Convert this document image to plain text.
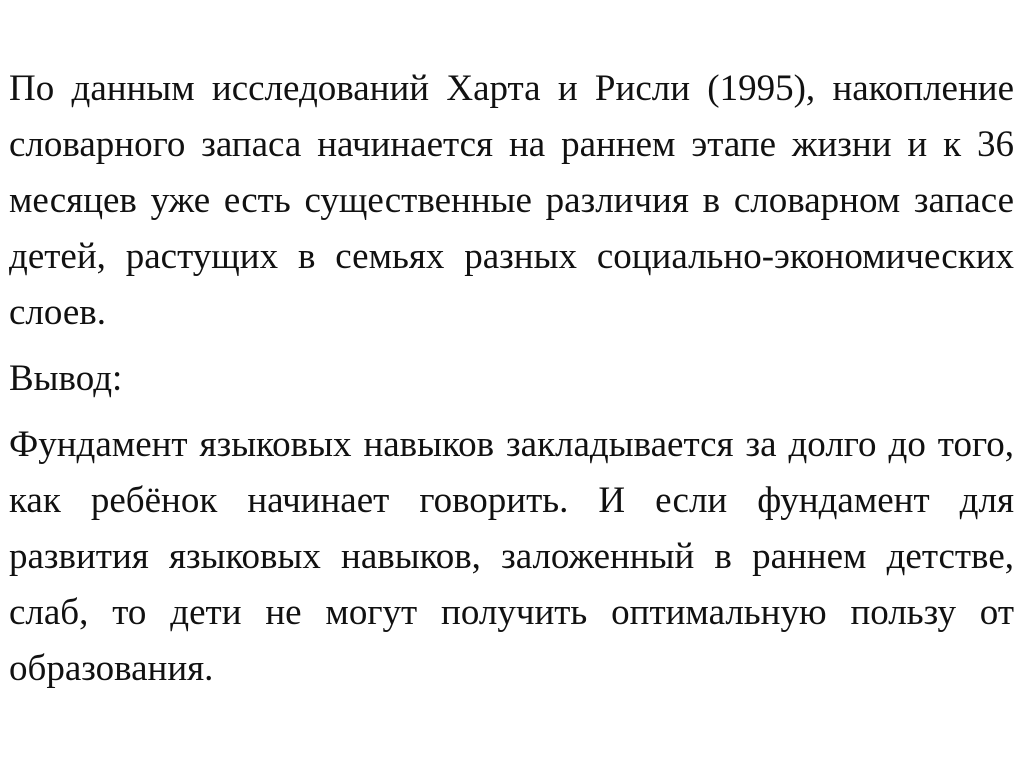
По данным исследований Харта и Рисли (1995), накопление словарного запаса начинается на раннем этапе жизни и к 36 месяцев уже есть существенные различия в словарном запасе детей, растущих в семьях разных социально-экономических слоев.

Вывод:

Фундамент языковых навыков закладывается за долго до того, как ребёнок начинает говорить. И если фундамент для развития языковых навыков, заложенный в раннем детстве, слаб, то дети не могут получить оптимальную пользу от образования.
